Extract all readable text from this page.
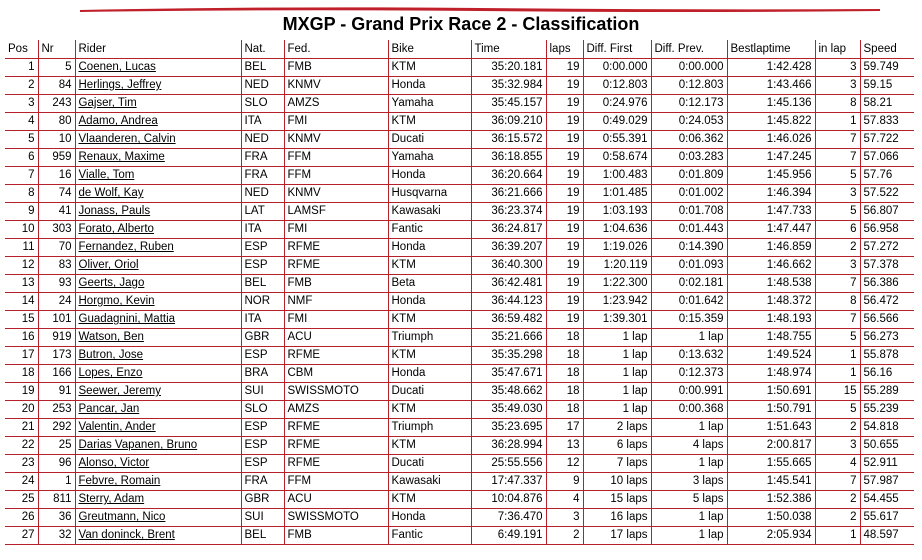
MXGP - Grand Prix Race 2 - Classification
Pos	Nr	Rider	Nat.	Fed.	Bike	Time	laps	Diff. First	Diff. Prev.	Bestlaptime	in lap	Speed
1	5	Coenen, Lucas	BEL	FMB	KTM	35:20.181	19	0:00.000	0:00.000	1:42.428	3	59.749
2	84	Herlings, Jeffrey	NED	KNMV	Honda	35:32.984	19	0:12.803	0:12.803	1:43.466	3	59.15
3	243	Gajser, Tim	SLO	AMZS	Yamaha	35:45.157	19	0:24.976	0:12.173	1:45.136	8	58.21
4	80	Adamo, Andrea	ITA	FMI	KTM	36:09.210	19	0:49.029	0:24.053	1:45.822	1	57.833
5	10	Vlaanderen, Calvin	NED	KNMV	Ducati	36:15.572	19	0:55.391	0:06.362	1:46.026	7	57.722
6	959	Renaux, Maxime	FRA	FFM	Yamaha	36:18.855	19	0:58.674	0:03.283	1:47.245	7	57.066
7	16	Vialle, Tom	FRA	FFM	Honda	36:20.664	19	1:00.483	0:01.809	1:45.956	5	57.76
8	74	de Wolf, Kay	NED	KNMV	Husqvarna	36:21.666	19	1:01.485	0:01.002	1:46.394	3	57.522
9	41	Jonass, Pauls	LAT	LAMSF	Kawasaki	36:23.374	19	1:03.193	0:01.708	1:47.733	5	56.807
10	303	Forato, Alberto	ITA	FMI	Fantic	36:24.817	19	1:04.636	0:01.443	1:47.447	6	56.958
11	70	Fernandez, Ruben	ESP	RFME	Honda	36:39.207	19	1:19.026	0:14.390	1:46.859	2	57.272
12	83	Oliver, Oriol	ESP	RFME	KTM	36:40.300	19	1:20.119	0:01.093	1:46.662	3	57.378
13	93	Geerts, Jago	BEL	FMB	Beta	36:42.481	19	1:22.300	0:02.181	1:48.538	7	56.386
14	24	Horgmo, Kevin	NOR	NMF	Honda	36:44.123	19	1:23.942	0:01.642	1:48.372	8	56.472
15	101	Guadagnini, Mattia	ITA	FMI	KTM	36:59.482	19	1:39.301	0:15.359	1:48.193	7	56.566
16	919	Watson, Ben	GBR	ACU	Triumph	35:21.666	18	1 lap	1 lap	1:48.755	5	56.273
17	173	Butron, Jose	ESP	RFME	KTM	35:35.298	18	1 lap	0:13.632	1:49.524	1	55.878
18	166	Lopes, Enzo	BRA	CBM	Honda	35:47.671	18	1 lap	0:12.373	1:48.974	1	56.16
19	91	Seewer, Jeremy	SUI	SWISSMOTO	Ducati	35:48.662	18	1 lap	0:00.991	1:50.691	15	55.289
20	253	Pancar, Jan	SLO	AMZS	KTM	35:49.030	18	1 lap	0:00.368	1:50.791	5	55.239
21	292	Valentin, Ander	ESP	RFME	Triumph	35:23.695	17	2 laps	1 lap	1:51.643	2	54.818
22	25	Darias Vapanen, Bruno	ESP	RFME	KTM	36:28.994	13	6 laps	4 laps	2:00.817	3	50.655
23	96	Alonso, Victor	ESP	RFME	Ducati	25:55.556	12	7 laps	1 lap	1:55.665	4	52.911
24	1	Febvre, Romain	FRA	FFM	Kawasaki	17:47.337	9	10 laps	3 laps	1:45.541	7	57.987
25	811	Sterry, Adam	GBR	ACU	KTM	10:04.876	4	15 laps	5 laps	1:52.386	2	54.455
26	36	Greutmann, Nico	SUI	SWISSMOTO	Honda	7:36.470	3	16 laps	1 lap	1:50.038	2	55.617
27	32	Van doninck, Brent	BEL	FMB	Fantic	6:49.191	2	17 laps	1 lap	2:05.934	1	48.597
